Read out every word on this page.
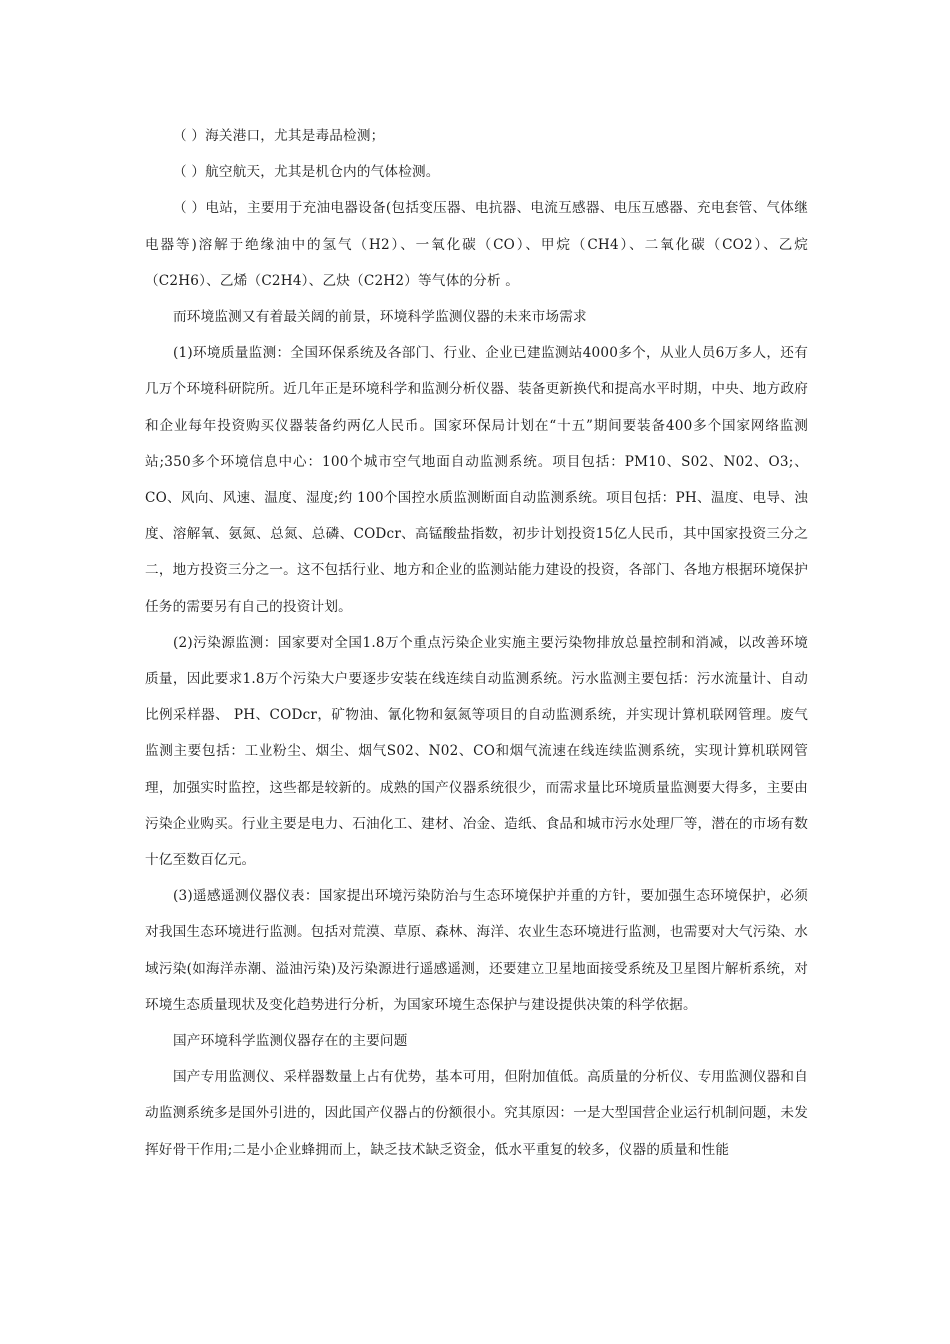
（ ）海关港口，尤其是毒品检测；

（ ）航空航天，尤其是机仓内的气体检测。

（ ）电站，主要用于充油电器设备(包括变压器、电抗器、电流互感器、电压互感器、充电套管、气体继电器等)溶解于绝缘油中的氢气（H2）、一氧化碳（CO）、甲烷（CH4）、二氧化碳（CO2）、乙烷（C2H6）、乙烯（C2H4）、乙炔（C2H2）等气体的分析 。

而环境监测又有着最关阔的前景，环境科学监测仪器的未来市场需求

(1)环境质量监测：全国环保系统及各部门、行业、企业已建监测站4000多个，从业人员6万多人，还有几万个环境科研院所。近几年正是环境科学和监测分析仪器、装备更新换代和提高水平时期，中央、地方政府和企业每年投资购买仪器装备约两亿人民币。国家环保局计划在“十五”期间要装备400多个国家网络监测站;350多个环境信息中心：100个城市空气地面自动监测系统。项目包括：PM10、S02、N02、O3;、CO、风向、风速、温度、湿度;约 100个国控水质监测断面自动监测系统。项目包括：PH、温度、电导、浊度、溶解氧、氨氮、总氮、总磷、CODcr、高锰酸盐指数，初步计划投资15亿人民币，其中国家投资三分之二，地方投资三分之一。这不包括行业、地方和企业的监测站能力建设的投资，各部门、各地方根据环境保护任务的需要另有自己的投资计划。

(2)污染源监测：国家要对全国1.8万个重点污染企业实施主要污染物排放总量控制和消减，以改善环境质量，因此要求1.8万个污染大户要逐步安装在线连续自动监测系统。污水监测主要包括：污水流量计、自动比例采样器、 PH、CODcr，矿物油、氰化物和氨氮等项目的自动监测系统，并实现计算机联网管理。废气监测主要包括：工业粉尘、烟尘、烟气S02、N02、CO和烟气流速在线连续监测系统，实现计算机联网管理，加强实时监控，这些都是较新的。成熟的国产仪器系统很少，而需求量比环境质量监测要大得多，主要由污染企业购买。行业主要是电力、石油化工、建材、冶金、造纸、食品和城市污水处理厂等，潜在的市场有数十亿至数百亿元。

(3)遥感遥测仪器仪表：国家提出环境污染防治与生态环境保护并重的方针，要加强生态环境保护，必须对我国生态环境进行监测。包括对荒漠、草原、森林、海洋、农业生态环境进行监测，也需要对大气污染、水域污染(如海洋赤潮、溢油污染)及污染源进行遥感遥测，还要建立卫星地面接受系统及卫星图片解析系统，对环境生态质量现状及变化趋势进行分析，为国家环境生态保护与建设提供决策的科学依据。

国产环境科学监测仪器存在的主要问题

国产专用监测仪、采样器数量上占有优势，基本可用，但附加值低。高质量的分析仪、专用监测仪器和自动监测系统多是国外引进的，因此国产仪器占的份额很小。究其原因：一是大型国营企业运行机制问题，未发挥好骨干作用;二是小企业蜂拥而上，缺乏技术缺乏资金，低水平重复的较多，仪器的质量和性能
